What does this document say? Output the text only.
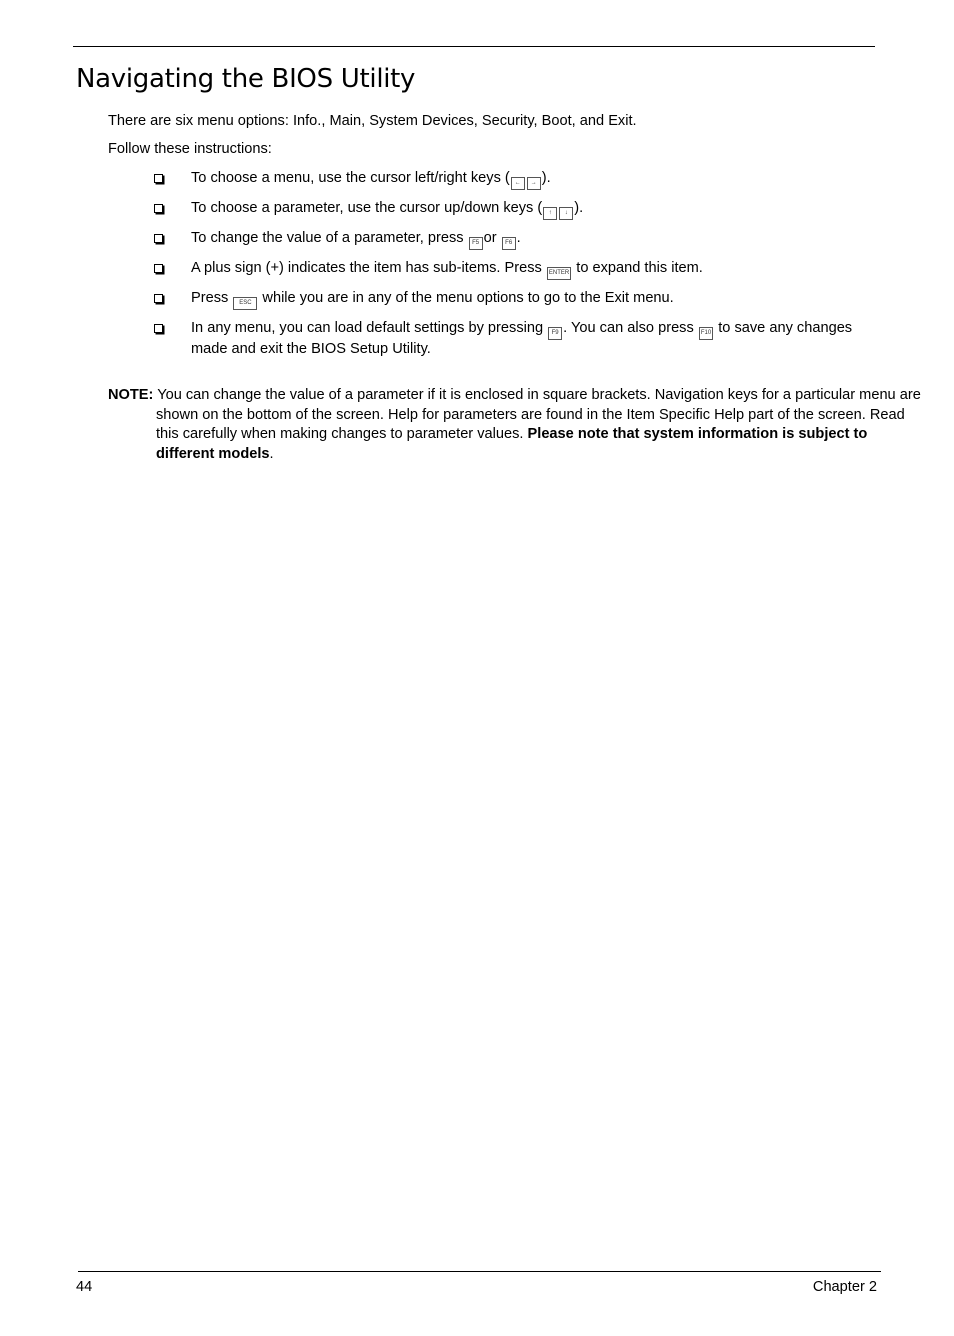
Navigating the BIOS Utility

There are six menu options: Info., Main, System Devices, Security, Boot, and Exit.

Follow these instructions:

To choose a menu, use the cursor left/right keys ( ← → ).
To choose a parameter, use the cursor up/down keys ( ↑ ↓ ).
To change the value of a parameter, press F5 or F6 .
A plus sign (+) indicates the item has sub-items. Press ENTER to expand this item.
Press ESC while you are in any of the menu options to go to the Exit menu.
In any menu, you can load default settings by pressing F9 . You can also press F10 to save any changes made and exit the BIOS Setup Utility.

NOTE: You can change the value of a parameter if it is enclosed in square brackets. Navigation keys for a particular menu are shown on the bottom of the screen. Help for parameters are found in the Item Specific Help part of the screen. Read this carefully when making changes to parameter values. Please note that system information is subject to different models.

44	Chapter 2
